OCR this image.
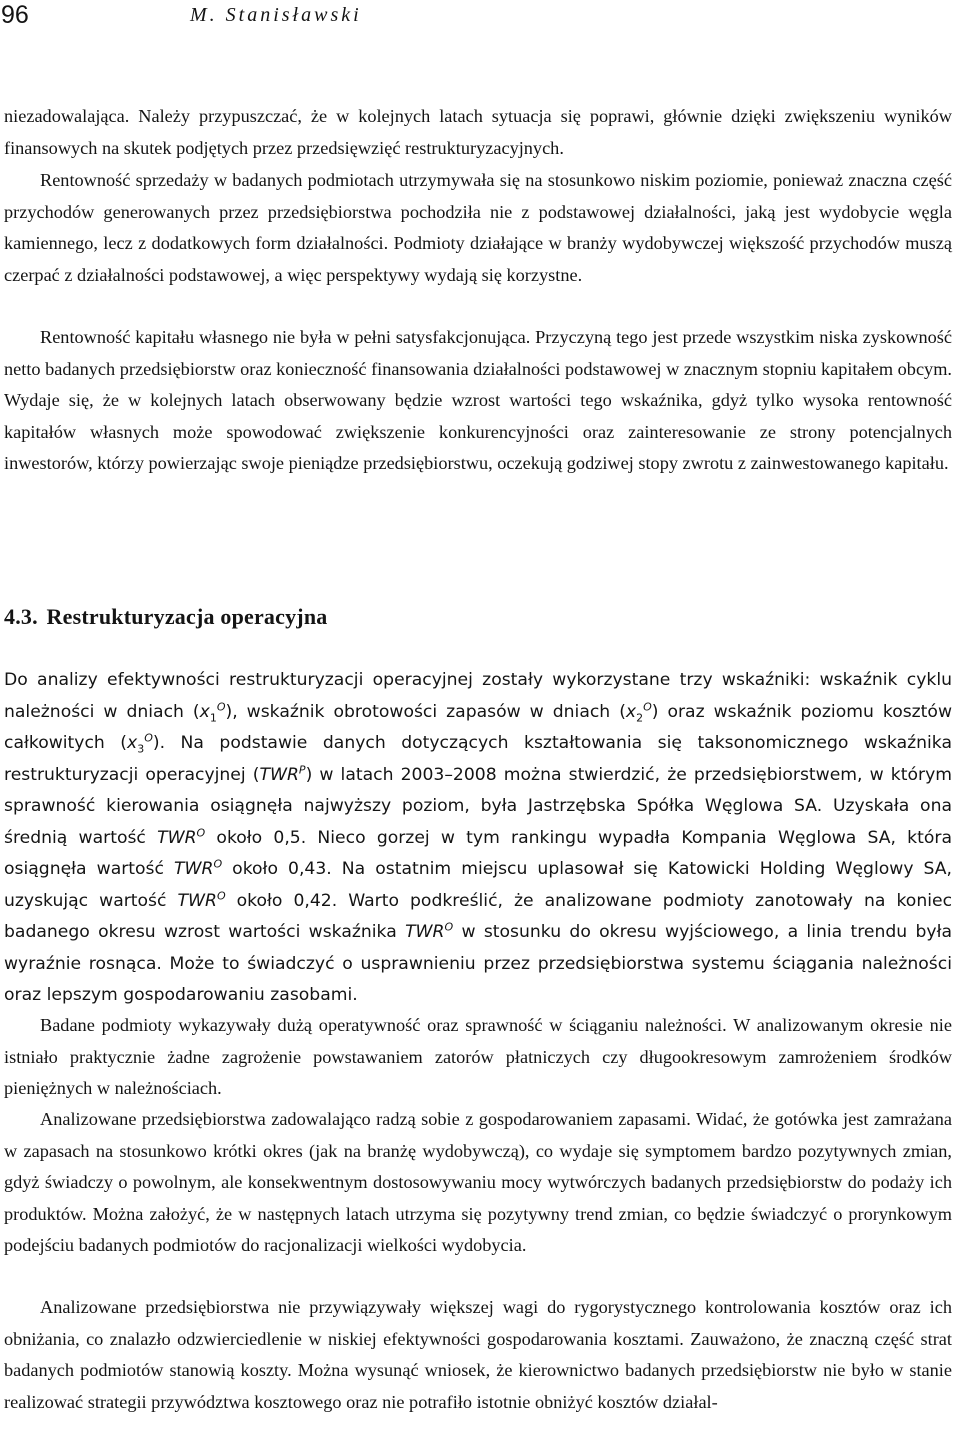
96	M. Stanisławski

niezadowalająca. Należy przypuszczać, że w kolejnych latach sytuacja się poprawi, głównie dzięki zwiększeniu wyników finansowych na skutek podjętych przez przedsięwzięć restrukturyzacyjnych.

Rentowność sprzedaży w badanych podmiotach utrzymywała się na stosunkowo niskim poziomie, ponieważ znaczna część przychodów generowanych przez przedsiębiorstwa pochodziła nie z podstawowej działalności, jaką jest wydobycie węgla kamiennego, lecz z dodatkowych form działalności. Podmioty działające w branży wydobywczej większość przychodów muszą czerpać z działalności podstawowej, a więc perspektywy wydają się korzystne.

Rentowność kapitału własnego nie była w pełni satysfakcjonująca. Przyczyną tego jest przede wszystkim niska zyskowność netto badanych przedsiębiorstw oraz konieczność finansowania działalności podstawowej w znacznym stopniu kapitałem obcym. Wydaje się, że w kolejnych latach obserwowany będzie wzrost wartości tego wskaźnika, gdyż tylko wysoka rentowność kapitałów własnych może spowodować zwiększenie konkurencyjności oraz zainteresowanie ze strony potencjalnych inwestorów, którzy powierzając swoje pieniądze przedsiębiorstwu, oczekują godziwej stopy zwrotu z zainwestowanego kapitału.

4.3. Restrukturyzacja operacyjna

Do analizy efektywności restrukturyzacji operacyjnej zostały wykorzystane trzy wskaźniki: wskaźnik cyklu należności w dniach $(x_1^O)$, wskaźnik obrotowości zapasów w dniach $(x_2^O)$ oraz wskaźnik poziomu kosztów całkowitych $(x_3^O)$. Na podstawie danych dotyczących kształtowania się taksonomicznego wskaźnika restrukturyzacji operacyjnej $(TWR^P)$ w latach 2003–2008 można stwierdzić, że przedsiębiorstwem, w którym sprawność kierowania osiągnęła najwyższy poziom, była Jastrzębska Spółka Węglowa SA. Uzyskała ona średnią wartość $TWR^O$ około 0,5. Nieco gorzej w tym rankingu wypadła Kompania Węglowa SA, która osiągnęła wartość $TWR^O$ około 0,43. Na ostatnim miejscu uplasował się Katowicki Holding Węglowy SA, uzyskując wartość $TWR^O$ około 0,42. Warto podkreślić, że analizowane podmioty zanotowały na koniec badanego okresu wzrost wartości wskaźnika $TWR^O$ w stosunku do okresu wyjściowego, a linia trendu była wyraźnie rosnąca. Może to świadczyć o usprawnieniu przez przedsiębiorstwa systemu ściągania należności oraz lepszym gospodarowaniu zasobami.

Badane podmioty wykazywały dużą operatywność oraz sprawność w ściąganiu należności. W analizowanym okresie nie istniało praktycznie żadne zagrożenie powstawaniem zatorów płatniczych czy długookresowym zamrożeniem środków pieniężnych w należnościach.

Analizowane przedsiębiorstwa zadowalająco radzą sobie z gospodarowaniem zapasami. Widać, że gotówka jest zamrażana w zapasach na stosunkowo krótki okres (jak na branżę wydobywczą), co wydaje się symptomem bardzo pozytywnych zmian, gdyż świadczy o powolnym, ale konsekwentnym dostosowywaniu mocy wytwórczych badanych przedsiębiorstw do podaży ich produktów. Można założyć, że w następnych latach utrzyma się pozytywny trend zmian, co będzie świadczyć o prorynkowym podejściu badanych podmiotów do racjonalizacji wielkości wydobycia.

Analizowane przedsiębiorstwa nie przywiązywały większej wagi do rygorystycznego kontrolowania kosztów oraz ich obniżania, co znalazło odzwierciedlenie w niskiej efektywności gospodarowania kosztami. Zauważono, że znaczną część strat badanych podmiotów stanowią koszty. Można wysunąć wniosek, że kierownictwo badanych przedsiębiorstw nie było w stanie realizować strategii przywództwa kosztowego oraz nie potrafiło istotnie obniżyć kosztów działal-
